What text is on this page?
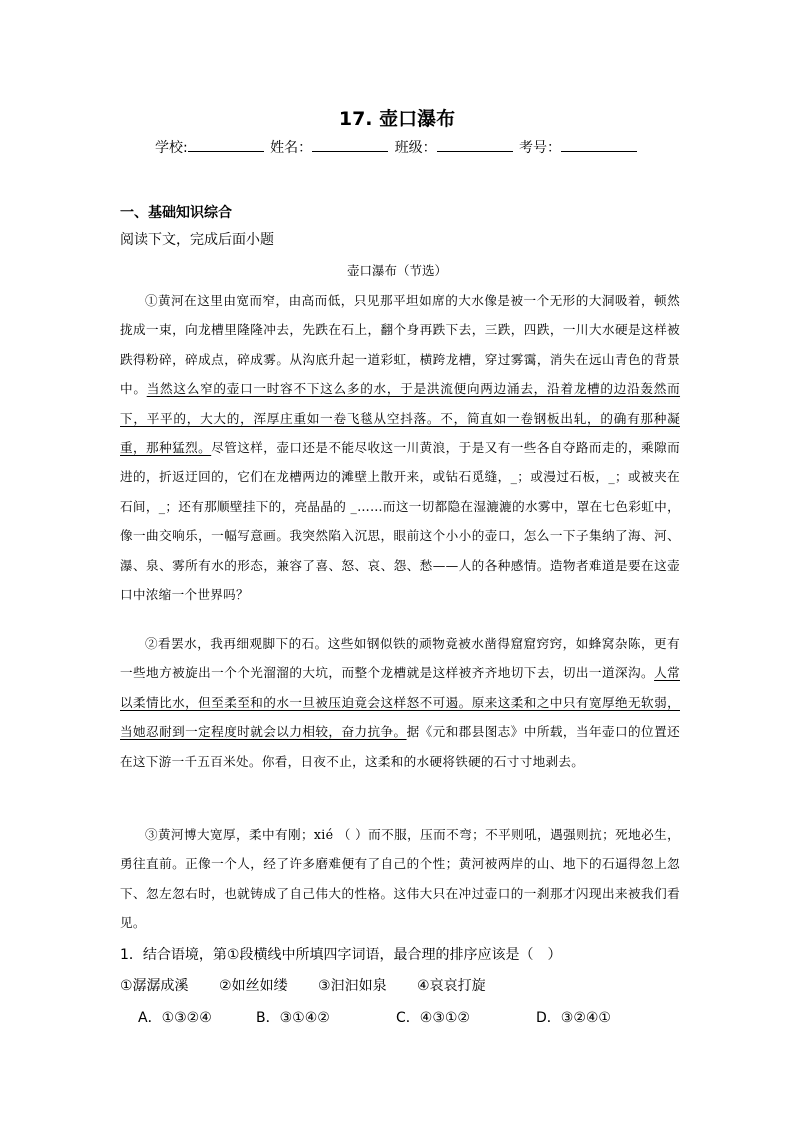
17. 壶口瀑布
学校:	姓名：	班级：	考号：
一、基础知识综合
阅读下文，完成后面小题
壶口瀑布（节选）
①黄河在这里由宽而窄，由高而低，只见那平坦如席的大水像是被一个无形的大洞吸着，顿然拢成一束，向龙槽里隆隆冲去，先跌在石上，翻个身再跌下去，三跌，四跌，一川大水硬是这样被跌得粉碎，碎成点，碎成雾。从沟底升起一道彩虹，横跨龙槽，穿过雾霭，消失在远山青色的背景中。当然这么窄的壶口一时容不下这么多的水，于是洪流便向两边涌去，沿着龙槽的边沿轰然而下，平平的，大大的，浑厚庄重如一卷飞毯从空抖落。不，简直如一卷钢板出轧，的确有那种凝重，那种猛烈。尽管这样，壶口还是不能尽收这一川黄浪，于是又有一些各自夺路而走的，乘隙而进的，折返迂回的，它们在龙槽两边的滩壁上散开来，或钻石觅缝，_；或漫过石板，_；或被夹在石间，_；还有那顺壁挂下的，亮晶晶的 _……而这一切都隐在湿漉漉的水雾中，罩在七色彩虹中，像一曲交响乐，一幅写意画。我突然陷入沉思，眼前这个小小的壶口，怎么一下子集纳了海、河、瀑、泉、雾所有水的形态，兼容了喜、怒、哀、怨、愁——人的各种感情。造物者难道是要在这壶口中浓缩一个世界吗？
②看罢水，我再细观脚下的石。这些如钢似铁的顽物竟被水凿得窟窟窍窍，如蜂窝杂陈，更有一些地方被旋出一个个光溜溜的大坑，而整个龙槽就是这样被齐齐地切下去，切出一道深沟。人常以柔情比水，但至柔至和的水一旦被压迫竟会这样怒不可遏。原来这柔和之中只有宽厚绝无软弱，当她忍耐到一定程度时就会以力相较，奋力抗争。据《元和郡县图志》中所载，当年壶口的位置还在这下游一千五百米处。你看，日夜不止，这柔和的水硬将铁硬的石寸寸地剥去。
③黄河博大宽厚，柔中有刚；xié （ ）而不服，压而不弯；不平则吼，遇强则抗；死地必生，勇往直前。正像一个人，经了许多磨难便有了自己的个性；黄河被两岸的山、地下的石逼得忽上忽下、忽左忽右时，也就铸成了自己伟大的性格。这伟大只在冲过壶口的一刹那才闪现出来被我们看见。
1．结合语境，第①段横线中所填四字词语，最合理的排序应该是（　）
①潺潺成溪 ②如丝如缕 ③汩汩如泉 ④哀哀打旋
A．①③②④	B．③①④②	C．④③①②	D．③②④①
